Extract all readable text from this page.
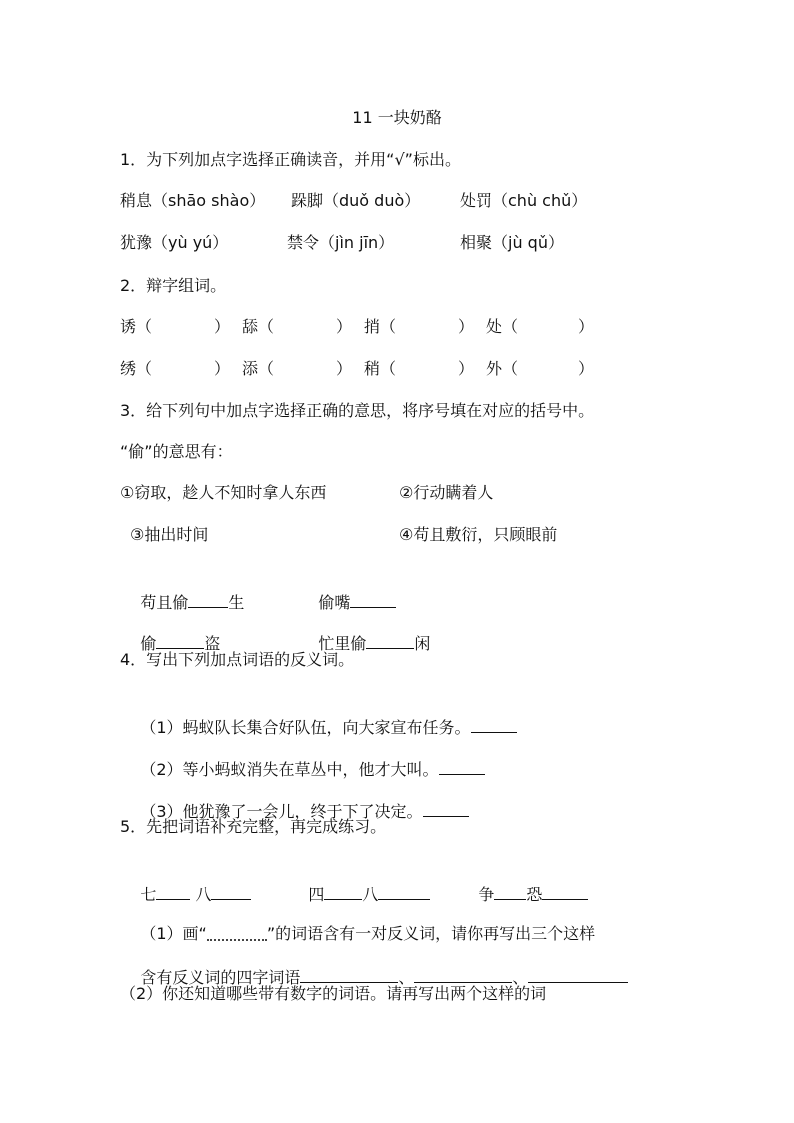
11 一块奶酪
1．为下列加点字选择正确读音，并用“√”标出。
稍息（shāo shào） 跺脚（duǒ duò） 处罚（chù chǔ）
犹豫（yù yú）	禁令（jìn jīn）	相聚（jù qǔ）
2．辩字组词。
诱（	） 舔（	） 捎（	） 处（	）
绣（	） 添（	） 稍（	） 外（	）
3．给下列句中加点字选择正确的意思，将序号填在对应的括号中。
“偷”的意思有：
①窃取，趁人不知时拿人东西	②行动瞒着人
③抽出时间	④苟且敷衍，只顾眼前

苟且偷	生
	偷嘴

偷	盗
	忙里偷	闲

4．写出下列加点词语的反义词。

（1）蚂蚁队长集合好队伍，向大家宣布任务。

（2）等小蚂蚁消失在草丛中，他才大叫。

（3）他犹豫了一会儿，终于下了决定。

5．先把词语补充完整，再完成练习。

七 八
	四 八
	争 恐

（1）画“	”的词语含有一对反义词，请你再写出三个这样

含有反义词的四字词语	、	、

（2）你还知道哪些带有数字的词语。请再写出两个这样的词
